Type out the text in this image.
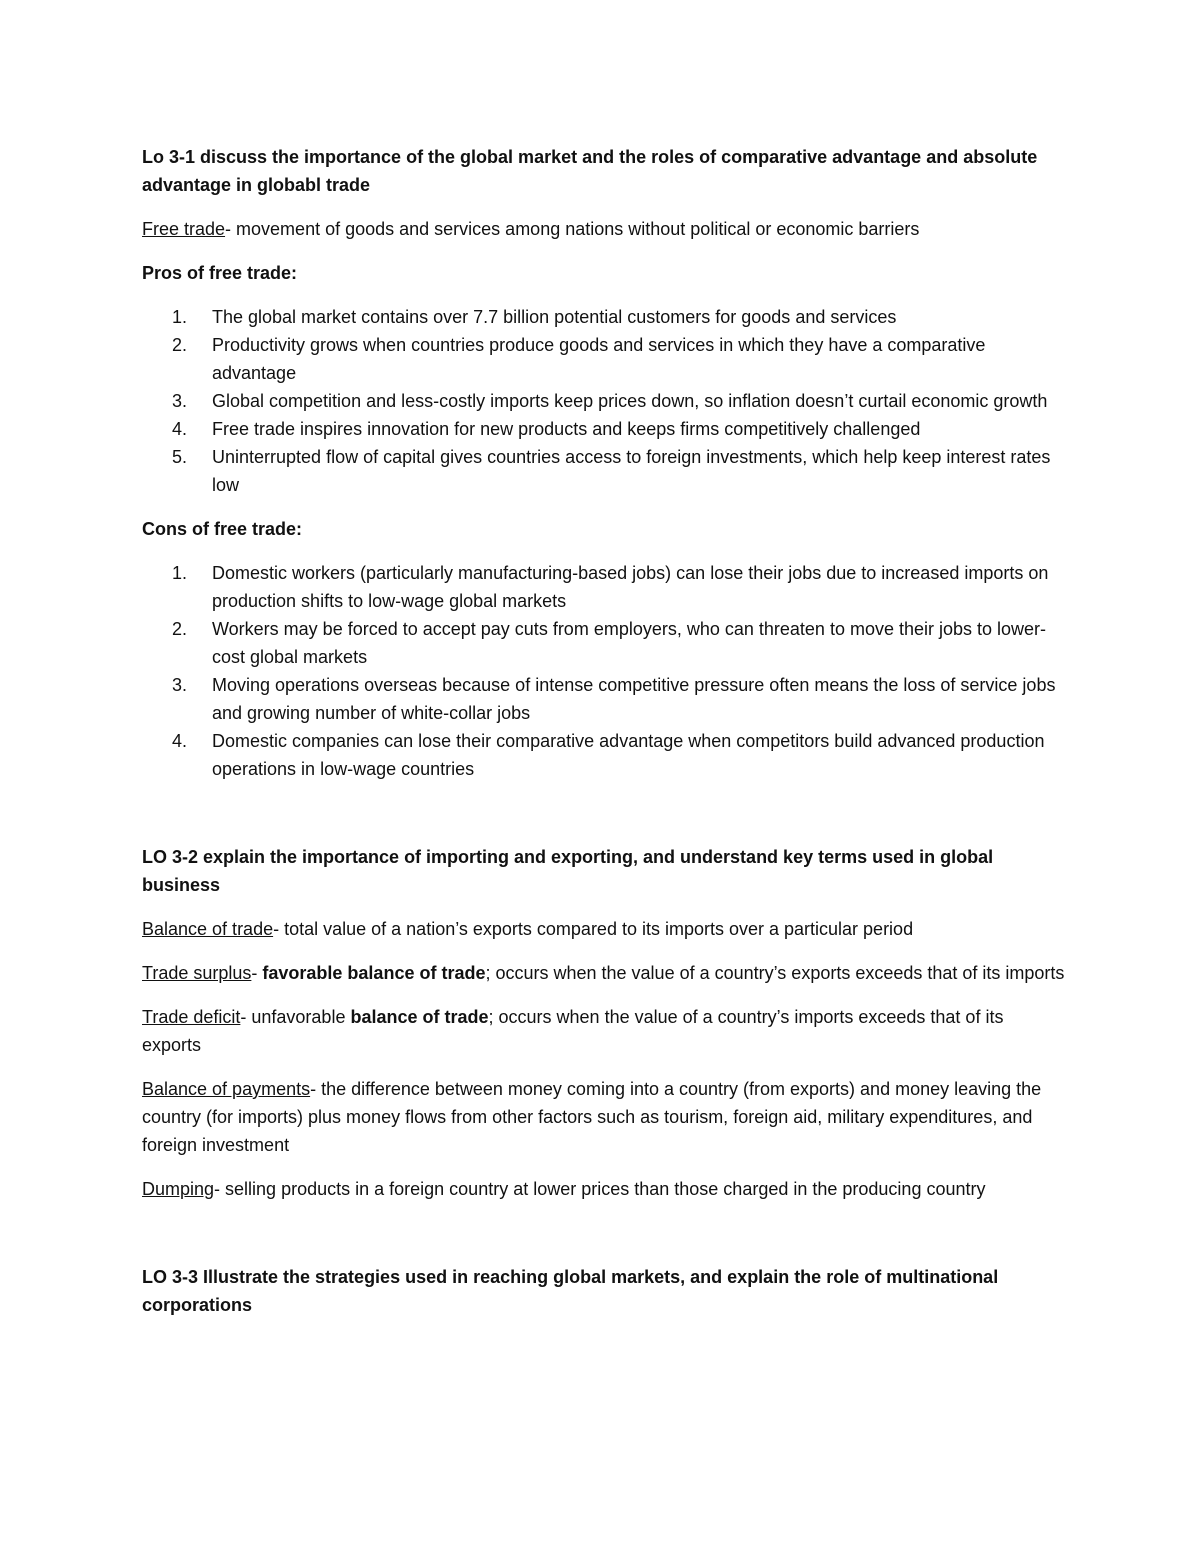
Lo 3-1 discuss the importance of the global market and the roles of comparative advantage and absolute advantage in globabl trade

Free trade- movement of goods and services among nations without political or economic barriers

Pros of free trade:

1. The global market contains over 7.7 billion potential customers for goods and services
2. Productivity grows when countries produce goods and services in which they have a comparative advantage
3. Global competition and less-costly imports keep prices down, so inflation doesn’t curtail economic growth
4. Free trade inspires innovation for new products and keeps firms competitively challenged
5. Uninterrupted flow of capital gives countries access to foreign investments, which help keep interest rates low

Cons of free trade:

1. Domestic workers (particularly manufacturing-based jobs) can lose their jobs due to increased imports on production shifts to low-wage global markets
2. Workers may be forced to accept pay cuts from employers, who can threaten to move their jobs to lower-cost global markets
3. Moving operations overseas because of intense competitive pressure often means the loss of service jobs and growing number of white-collar jobs
4. Domestic companies can lose their comparative advantage when competitors build advanced production operations in low-wage countries

LO 3-2 explain the importance of importing and exporting, and understand key terms used in global business

Balance of trade- total value of a nation’s exports compared to its imports over a particular period

Trade surplus- favorable balance of trade; occurs when the value of a country’s exports exceeds that of its imports

Trade deficit- unfavorable balance of trade; occurs when the value of a country’s imports exceeds that of its exports

Balance of payments- the difference between money coming into a country (from exports) and money leaving the country (for imports) plus money flows from other factors such as tourism, foreign aid, military expenditures, and foreign investment

Dumping- selling products in a foreign country at lower prices than those charged in the producing country

LO 3-3 Illustrate the strategies used in reaching global markets, and explain the role of multinational corporations
